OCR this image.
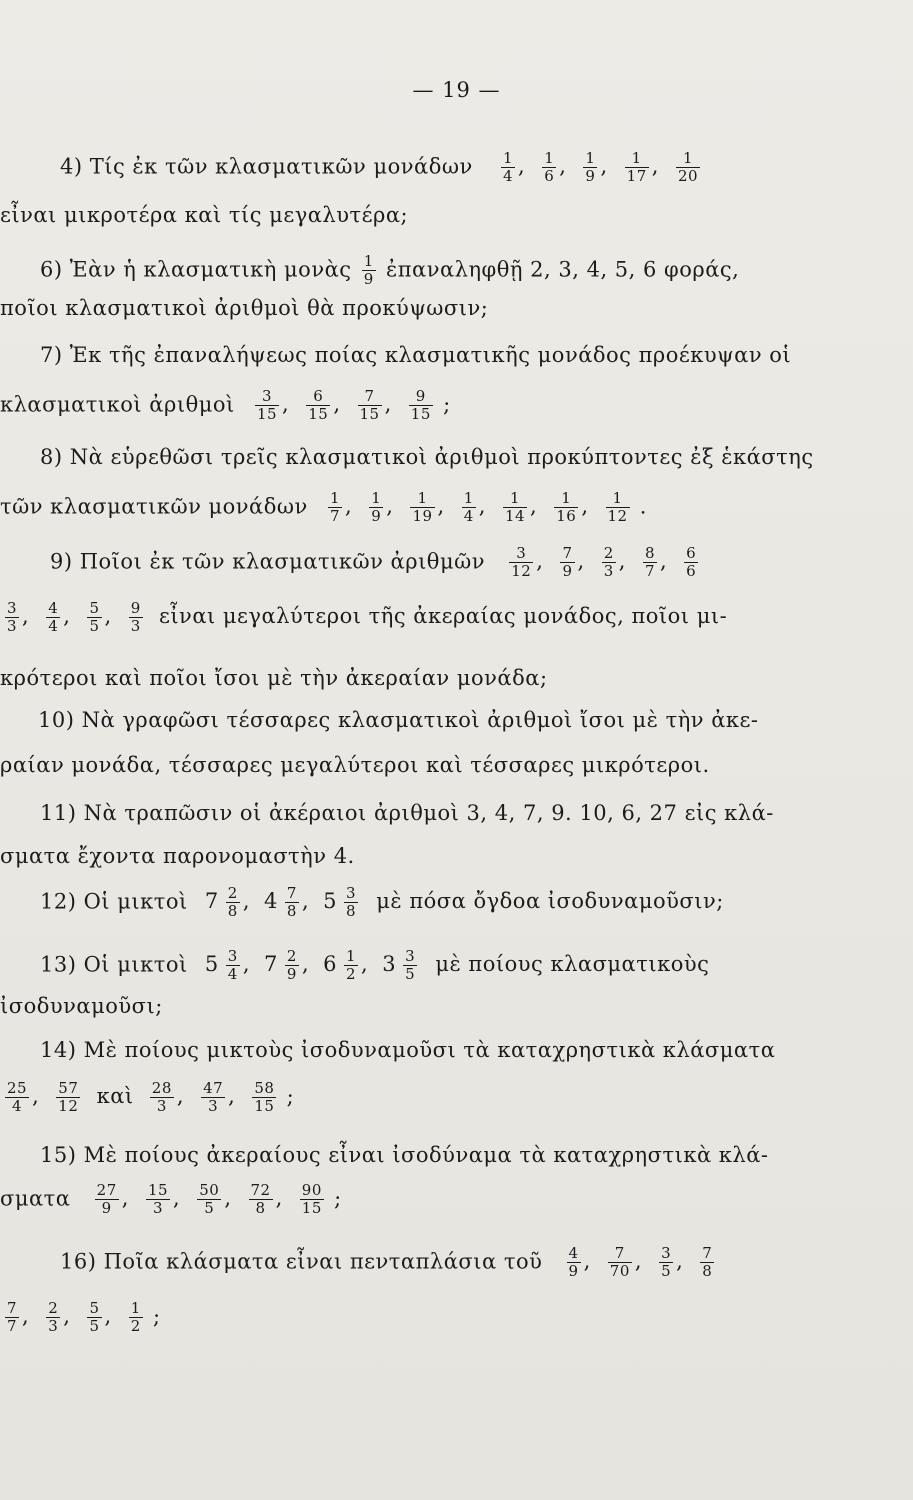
— 19 —
4) Τίς ἐκ τῶν κλασματικῶν μονάδων $\frac{1}{4}$ , $\frac{1}{6}$ , $\frac{1}{9}$ , $\frac{1}{17}$ , $\frac{1}{20}$
εἶναι μικροτέρα καὶ τίς μεγαλυτέρα;
6) Ἐὰν ἡ κλασματικὴ μονὰς $\frac{1}{9}$ ἐπαναληφθῇ 2, 3, 4, 5, 6 φοράς,
ποῖοι κλασματικοὶ ἀριθμοὶ θὰ προκύψωσιν;
7) Ἐκ τῆς ἐπαναλήψεως ποίας κλασματικῆς μονάδος προέκυψαν οἱ
κλασματικοὶ ἀριθμοὶ $\frac{3}{15}$ , $\frac{6}{15}$ , $\frac{7}{15}$ , $\frac{9}{15}$ ;
8) Νὰ εὑρεθῶσι τρεῖς κλασματικοὶ ἀριθμοὶ προκύπτοντες ἐξ ἑκάστης
τῶν κλασματικῶν μονάδων $\frac{1}{7}$ , $\frac{1}{9}$ , $\frac{1}{19}$ , $\frac{1}{4}$ , $\frac{1}{14}$ , $\frac{1}{16}$ , $\frac{1}{12}$ .
9) Ποῖοι ἐκ τῶν κλασματικῶν ἀριθμῶν $\frac{3}{12}$ , $\frac{7}{9}$ , $\frac{2}{3}$ , $\frac{8}{7}$ , $\frac{6}{6}$
$\frac{3}{3}$ , $\frac{4}{4}$ , $\frac{5}{5}$ , $\frac{9}{3}$ εἶναι μεγαλύτεροι τῆς ἀκεραίας μονάδος, ποῖοι μι-
κρότεροι καὶ ποῖοι ἴσοι μὲ τὴν ἀκεραίαν μονάδα;
10) Νὰ γραφῶσι τέσσαρες κλασματικοὶ ἀριθμοὶ ἴσοι μὲ τὴν ἀκε-
ραίαν μονάδα, τέσσαρες μεγαλύτεροι καὶ τέσσαρες μικρότεροι.
11) Νὰ τραπῶσιν οἱ ἀκέραιοι ἀριθμοὶ 3, 4, 7, 9. 10, 6, 27 εἰς κλά-
σματα ἔχοντα παρονομαστὴν 4.
12) Οἱ μικτοὶ $7 \frac{2}{8}$ , $4 \frac{7}{8}$ , $5 \frac{3}{8}$ μὲ πόσα ὄγδοα ἰσοδυναμοῦσιν;
13) Οἱ μικτοὶ $5 \frac{3}{4}$ , $7 \frac{2}{9}$ , $6 \frac{1}{2}$ , $3 \frac{3}{5}$ μὲ ποίους κλασματικοὺς
ἰσοδυναμοῦσι;
14) Μὲ ποίους μικτοὺς ἰσοδυναμοῦσι τὰ καταχρηστικὰ κλάσματα
$\frac{25}{4}$ , $\frac{57}{12}$ καὶ $\frac{28}{3}$ , $\frac{47}{3}$ , $\frac{58}{15}$ ;
15) Μὲ ποίους ἀκεραίους εἶναι ἰσοδύναμα τὰ καταχρηστικὰ κλά-
σματα $\frac{27}{9}$ , $\frac{15}{3}$ , $\frac{50}{5}$ , $\frac{72}{8}$ , $\frac{90}{15}$ ;
16) Ποῖα κλάσματα εἶναι πενταπλάσια τοῦ $\frac{4}{9}$ , $\frac{7}{70}$ , $\frac{3}{5}$ , $\frac{7}{8}$
$\frac{7}{7}$ , $\frac{2}{3}$ , $\frac{5}{5}$ , $\frac{1}{2}$ ;
